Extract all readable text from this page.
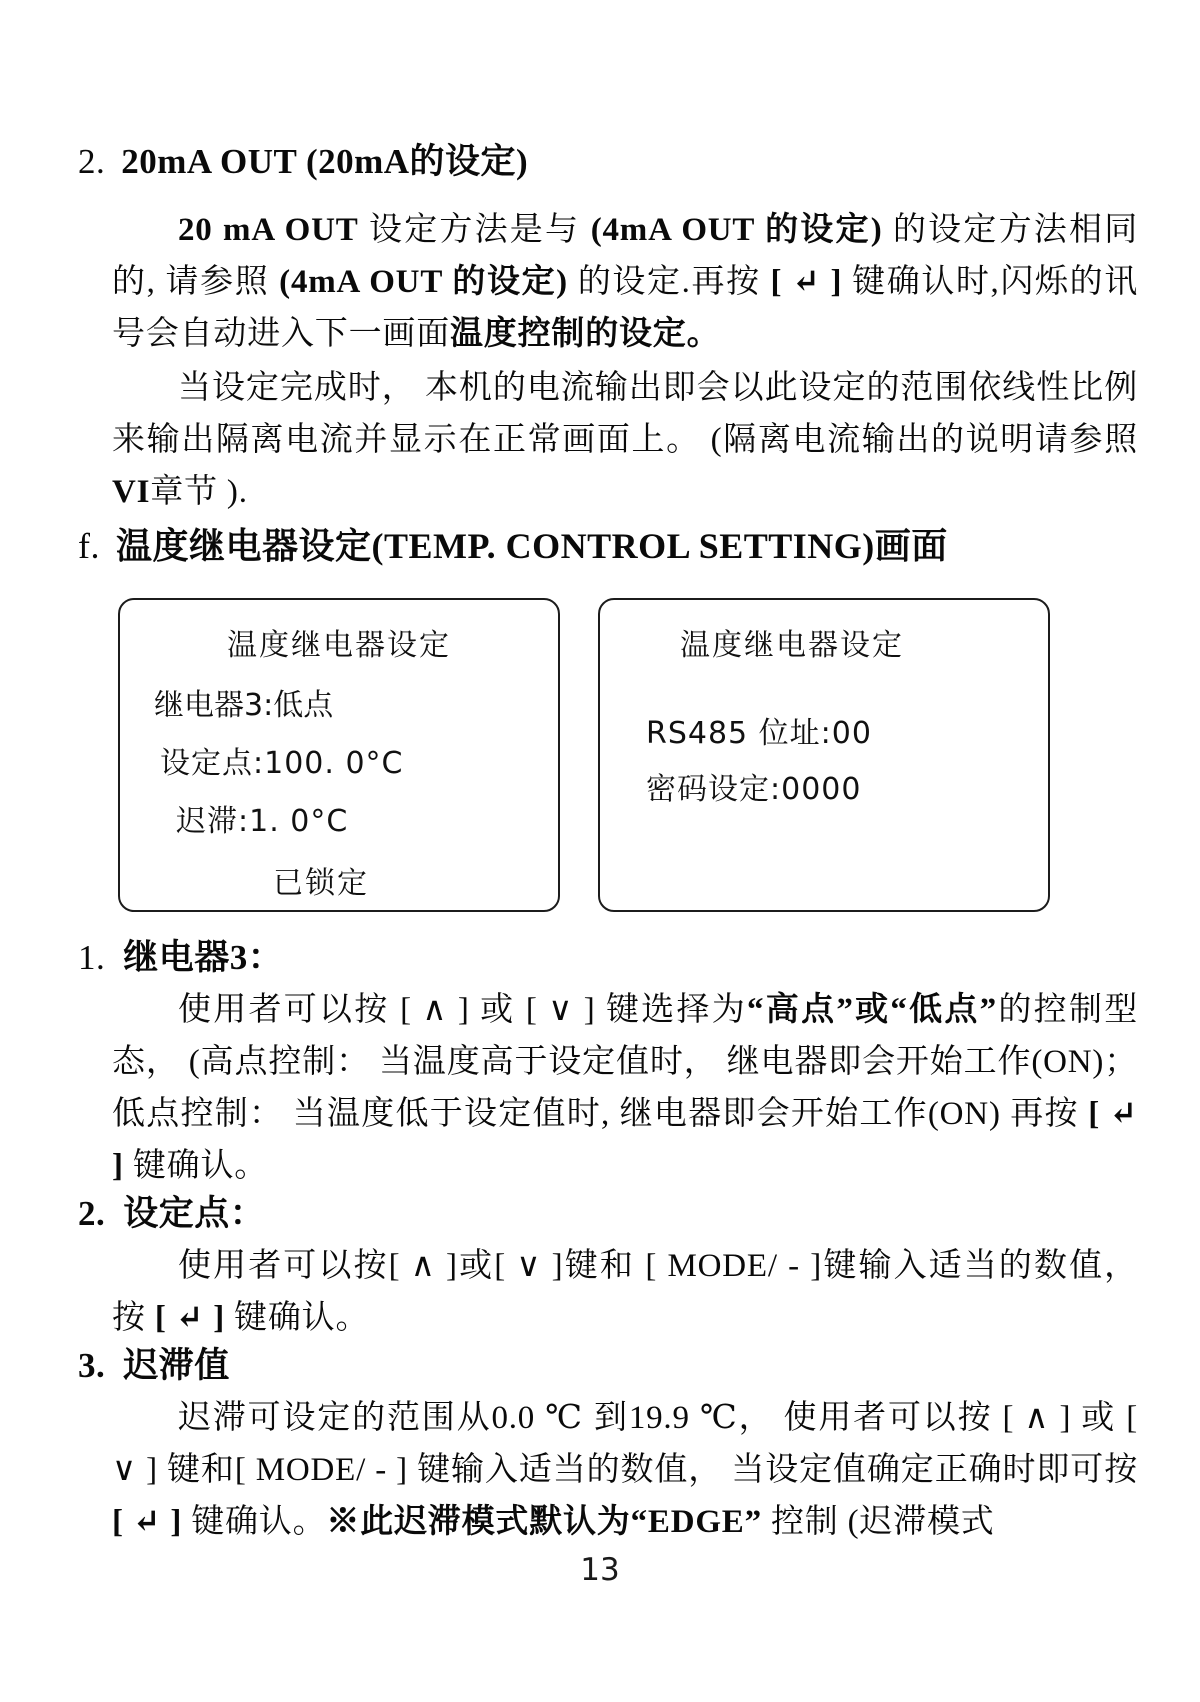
2. 20mA OUT (20mA的设定)

20 mA OUT 设定方法是与 (4mA OUT 的设定) 的设定方法相同的, 请参照 (4mA OUT 的设定) 的设定.再按 [ ↵ ] 键确认时,闪烁的讯号会自动进入下一画面温度控制的设定。

当设定完成时， 本机的电流输出即会以此设定的范围依线性比例来输出隔离电流并显示在正常画面上。 (隔离电流输出的说明请参照VI章节 ).

f. 温度继电器设定(TEMP. CONTROL SETTING)画面
温度继电器设定
继电器3:低点
设定点:100. 0°C
迟滞:1. 0°C
已锁定
温度继电器设定
RS485 位址:00
密码设定:0000
1. 继电器3：

使用者可以按 [ ∧ ] 或 [ ∨ ] 键选择为“高点”或“低点”的控制型态， (高点控制： 当温度高于设定值时， 继电器即会开始工作(ON)； 低点控制： 当温度低于设定值时, 继电器即会开始工作(ON) 再按 [ ↵ ] 键确认。

2. 设定点：

使用者可以按[ ∧ ]或[ ∨ ]键和 [ MODE/ - ]键输入适当的数值， 按 [ ↵ ] 键确认。

3. 迟滞值

迟滞可设定的范围从0.0 ℃ 到19.9 ℃， 使用者可以按 [ ∧ ] 或 [ ∨ ] 键和[ MODE/ - ] 键输入适当的数值， 当设定值确定正确时即可按 [ ↵ ] 键确认。※此迟滞模式默认为“EDGE” 控制 (迟滞模式

13
